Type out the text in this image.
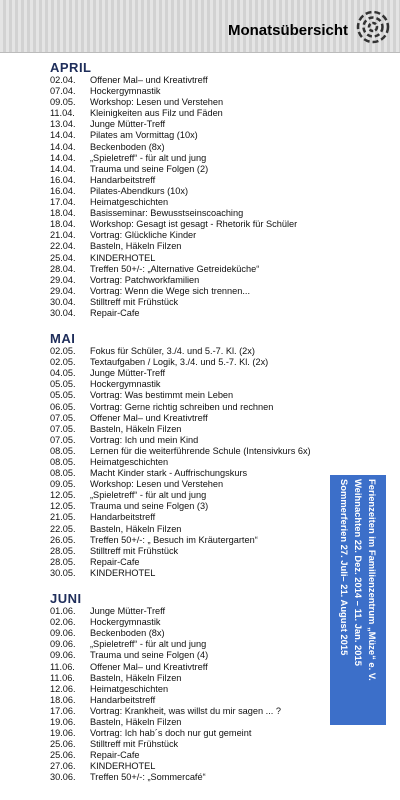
Monatsübersicht
APRIL
02.04.	Offener Mal– und Kreativtreff
07.04.	Hockergymnastik
09.05.	Workshop: Lesen und Verstehen
11.04.	Kleinigkeiten aus Filz und Fäden
13.04.	Junge Mütter-Treff
14.04.	Pilates am Vormittag (10x)
14.04.	Beckenboden (8x)
14.04.	„Spieletreff“ - für alt und jung
14.04.	Trauma und seine Folgen (2)
16.04.	Handarbeitstreff
16.04.	Pilates-Abendkurs (10x)
17.04.	Heimatgeschichten
18.04.	Basisseminar: Bewusstseinscoaching
18.04.	Workshop: Gesagt ist gesagt - Rhetorik für Schüler
21.04.	Vortrag: Glückliche Kinder
22.04.	Basteln, Häkeln Filzen
25.04.	KINDERHOTEL
28.04.	Treffen 50+/-: „Alternative Getreideküche“
29.04.	Vortrag: Patchworkfamilien
29.04.	Vortrag: Wenn die Wege sich trennen...
30.04.	Stilltreff mit Frühstück
30.04.	Repair-Cafe
MAI
02.05.	Fokus für Schüler, 3./4. und 5.-7. Kl. (2x)
02.05.	Textaufgaben / Logik, 3./4. und 5.-7. Kl. (2x)
04.05.	Junge Mütter-Treff
05.05.	Hockergymnastik
05.05.	Vortrag: Was bestimmt mein Leben
06.05.	Vortrag: Gerne richtig schreiben und rechnen
07.05.	Offener Mal– und Kreativtreff
07.05.	Basteln, Häkeln Filzen
07.05.	Vortrag: Ich und mein Kind
08.05.	Lernen für die weiterführende Schule (Intensivkurs 6x)
08.05.	Heimatgeschichten
08.05.	Macht Kinder stark - Auffrischungskurs
09.05.	Workshop: Lesen und Verstehen
12.05.	„Spieletreff“ - für alt und jung
12.05.	Trauma und seine Folgen (3)
21.05.	Handarbeitstreff
22.05.	Basteln, Häkeln Filzen
26.05.	Treffen 50+/-: „ Besuch im Kräutergarten“
28.05.	Stilltreff mit Frühstück
28.05.	Repair-Cafe
30.05.	KINDERHOTEL
JUNI
01.06.	Junge Mütter-Treff
02.06.	Hockergymnastik
09.06.	Beckenboden (8x)
09.06.	„Spieletreff“ - für alt und jung
09.06.	Trauma und seine Folgen (4)
11.06.	Offener Mal– und Kreativtreff
11.06.	Basteln, Häkeln Filzen
12.06.	Heimatgeschichten
18.06.	Handarbeitstreff
17.06.	Vortrag: Krankheit, was willst du mir sagen ... ?
19.06.	Basteln, Häkeln Filzen
19.06.	Vortrag: Ich hab´s doch nur gut gemeint
25.06.	Stilltreff mit Frühstück
25.06.	Repair-Cafe
27.06.	KINDERHOTEL
30.06.	Treffen 50+/-: „Sommercafé“
Ferienzeiten im Familienzentrum „Müze“ e. V.
Weihnachten 22. Dez. 2014 – 11. Jan. 2015
Sommerferien 27. Juli– 21. August 2015
